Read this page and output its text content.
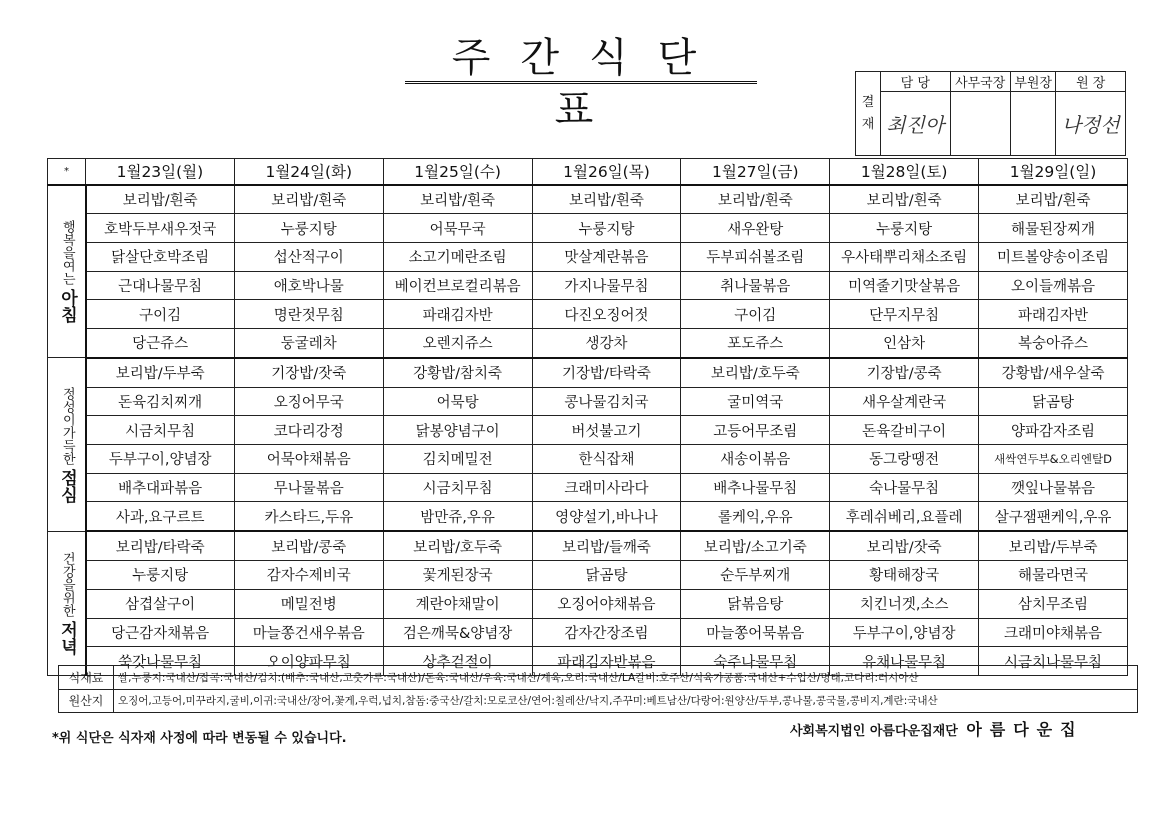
주간식단표	결재	담 당	사무국장	부원장	원 장
	최진아			나정선
*	1월23일(월)	1월24일(화)	1월25일(수)	1월26일(목)	1월27일(금)	1월28일(토)	1월29일(일)

행복을여는
아침	보리밥/흰죽	보리밥/흰죽	보리밥/흰죽	보리밥/흰죽	보리밥/흰죽	보리밥/흰죽	보리밥/흰죽
	호박두부새우젓국	누룽지탕	어묵무국	누룽지탕	새우완탕	누룽지탕	해물된장찌개
	닭살단호박조림	섭산적구이	소고기메란조림	맛살계란볶음	두부피쉬볼조림	우사태뿌리채소조림	미트볼양송이조림
	근대나물무침	애호박나물	베이컨브로컬리볶음	가지나물무침	취나물볶음	미역줄기맛살볶음	오이들깨볶음
	구이김	명란젓무침	파래김자반	다진오징어젓	구이김	단무지무침	파래김자반
	당근쥬스	둥굴레차	오렌지쥬스	생강차	포도쥬스	인삼차	복숭아쥬스

정성이가득한
점심	보리밥/두부죽	기장밥/잣죽	강황밥/참치죽	기장밥/타락죽	보리밥/호두죽	기장밥/콩죽	강황밥/새우살죽
	돈육김치찌개	오징어무국	어묵탕	콩나물김치국	굴미역국	새우살계란국	닭곰탕
	시금치무침	코다리강정	닭봉양념구이	버섯불고기	고등어무조림	돈육갈비구이	양파감자조림
	두부구이,양념장	어묵야채볶음	김치메밀전	한식잡채	새송이볶음	동그랑땡전	새싹연두부&오리엔탈D
	배추대파볶음	무나물볶음	시금치무침	크래미사라다	배추나물무침	숙나물무침	깻잎나물볶음
	사과,요구르트	카스타드,두유	밤만쥬,우유	영양설기,바나나	롤케익,우유	후레쉬베리,요플레	살구잼팬케익,우유

건강을위한
저녁	보리밥/타락죽	보리밥/콩죽	보리밥/호두죽	보리밥/들깨죽	보리밥/소고기죽	보리밥/잣죽	보리밥/두부죽
	누룽지탕	감자수제비국	꽃게된장국	닭곰탕	순두부찌개	황태해장국	해물라면국
	삼겹살구이	메밀전병	계란야채말이	오징어야채볶음	닭볶음탕	치킨너겟,소스	삼치무조림
	당근감자채볶음	마늘쫑건새우볶음	검은깨묵&양념장	감자간장조림	마늘쫑어묵볶음	두부구이,양념장	크래미야채볶음
	쑥갓나물무침	오이양파무침	상추겉절이	파래김자반볶음	숙주나물무침	유채나물무침	시금치나물무침
식재료	쌀,누룽지:국내산/잡곡:국내산/김치:(배추:국내산,고춧가루:국내산)/돈육:국내산/우육:국내산/계육,오리:국내산/LA갈비:호주산/식육가공품:국내산+수입산/명태,코다리:러시아산
원산지	오징어,고등어,미꾸라지,굴비,이귀:국내산/장어,꽃게,우럭,넙치,참돔:중국산/갈치:모로코산/연어:칠레산/낙지,주꾸미:베트남산/다랑어:원양산/두부,콩나물,콩국물,콩비지,계란:국내산
*위 식단은 식자재 사정에 따라 변동될 수 있습니다.	사회복지법인 아름다운집재단 아름다운집
